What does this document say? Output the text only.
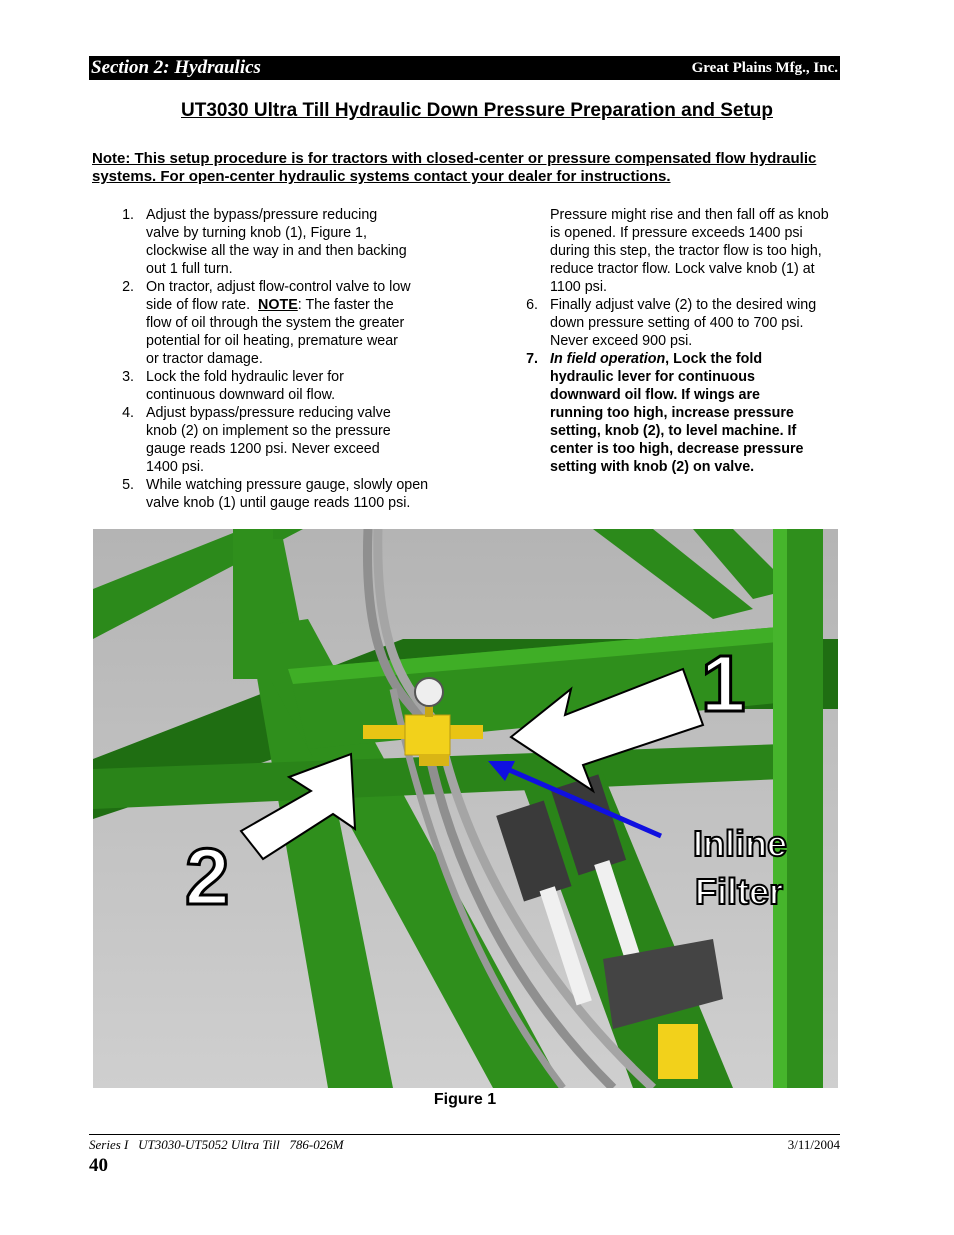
Section 2: Hydraulics	Great Plains Mfg., Inc.
UT3030 Ultra Till Hydraulic Down Pressure Preparation and Setup
Note: This setup procedure is for tractors with closed-center or pressure compensated flow hydraulic systems. For open-center hydraulic systems contact your dealer for instructions.
1. Adjust the bypass/pressure reducing
valve by turning knob (1), Figure 1,
clockwise all the way in and then backing
out 1 full turn.
2. On tractor, adjust flow-control valve to low
side of flow rate.  NOTE: The faster the
flow of oil through the system the greater
potential for oil heating, premature wear
or tractor damage.
3. Lock the fold hydraulic lever for
continuous downward oil flow.
4. Adjust bypass/pressure reducing valve
knob (2) on implement so the pressure
gauge reads 1200 psi. Never exceed
1400 psi.
5. While watching pressure gauge, slowly open
valve knob (1) until gauge reads 1100 psi.
Pressure might rise and then fall off as knob
is opened. If pressure exceeds 1400 psi
during this step, the tractor flow is too high,
reduce tractor flow. Lock valve knob (1) at
1100 psi.
6. Finally adjust valve (2) to the desired wing
down pressure setting of 400 to 700 psi.
Never exceed 900 psi.
7. In field operation, Lock the fold
hydraulic lever for continuous
downward oil flow. If wings are
running too high, increase pressure
setting, knob (2), to level machine. If
center is too high, decrease pressure
setting with knob (2) on valve.
1
2	Inline
Filter
Figure 1
Series I   UT3030-UT5052 Ultra Till   786-026M	3/11/2004
40
